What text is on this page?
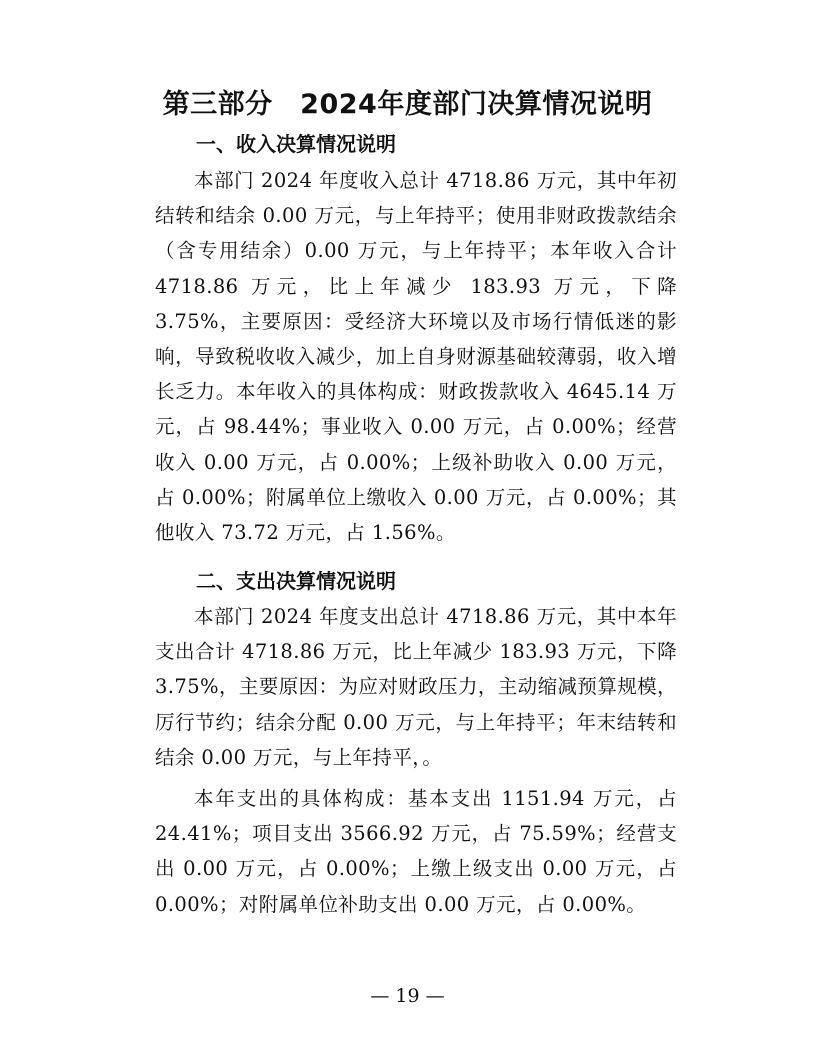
第三部分　2024年度部门决算情况说明
一、收入决算情况说明
本部门 2024 年度收入总计 4718.86 万元，其中年初结转和结余 0.00 万元，与上年持平；使用非财政拨款结余（含专用结余）0.00 万元，与上年持平；本年收入合计 4718.86 万元，比上年减少 183.93 万元，下降 3.75%，主要原因：受经济大环境以及市场行情低迷的影响，导致税收收入减少，加上自身财源基础较薄弱，收入增长乏力。本年收入的具体构成：财政拨款收入 4645.14 万元，占 98.44%；事业收入 0.00 万元，占 0.00%；经营收入 0.00 万元，占 0.00%；上级补助收入 0.00 万元，占 0.00%；附属单位上缴收入 0.00 万元，占 0.00%；其他收入 73.72 万元，占 1.56%。
二、支出决算情况说明
本部门 2024 年度支出总计 4718.86 万元，其中本年支出合计 4718.86 万元，比上年减少 183.93 万元，下降 3.75%，主要原因：为应对财政压力，主动缩减预算规模，厉行节约；结余分配 0.00 万元，与上年持平；年末结转和结余 0.00 万元，与上年持平，。
本年支出的具体构成：基本支出 1151.94 万元，占 24.41%；项目支出 3566.92 万元，占 75.59%；经营支出 0.00 万元，占 0.00%；上缴上级支出 0.00 万元，占 0.00%；对附属单位补助支出 0.00 万元，占 0.00%。
— 19 —
